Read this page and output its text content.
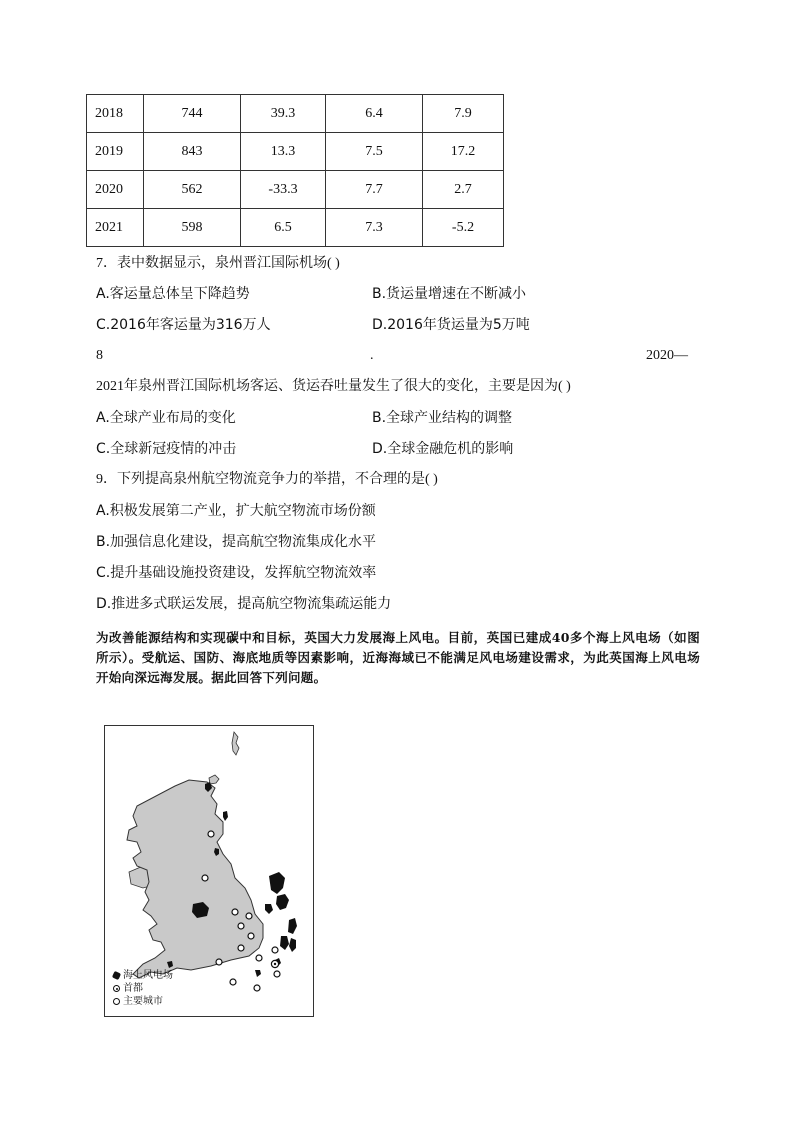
2018	744	39.3	6.4	7.9
2019	843	13.3	7.5	17.2
2020	562	-33.3	7.7	2.7
2021	598	6.5	7.3	-5.2
7．表中数据显示，泉州晋江国际机场( )
A.客运量总体呈下降趋势	B.货运量增速在不断减小
C.2016年客运量为316万人	D.2016年货运量为5万吨
8	.	2020—
2021年泉州晋江国际机场客运、货运吞吐量发生了很大的变化，主要是因为( )
A.全球产业布局的变化	B.全球产业结构的调整
C.全球新冠疫情的冲击	D.全球金融危机的影响
9．下列提高泉州航空物流竞争力的举措，不合理的是( )
A.积极发展第二产业，扩大航空物流市场份额
B.加强信息化建设，提高航空物流集成化水平
C.提升基础设施投资建设，发挥航空物流效率
D.推进多式联运发展，提高航空物流集疏运能力

为改善能源结构和实现碳中和目标，英国大力发展海上风电。目前，英国已建成40多个海上风电场（如图所示）。受航运、国防、海底地质等因素影响，近海海域已不能满足风电场建设需求，为此英国海上风电场开始向深远海发展。据此回答下列问题。

海上风电场
首都
主要城市
